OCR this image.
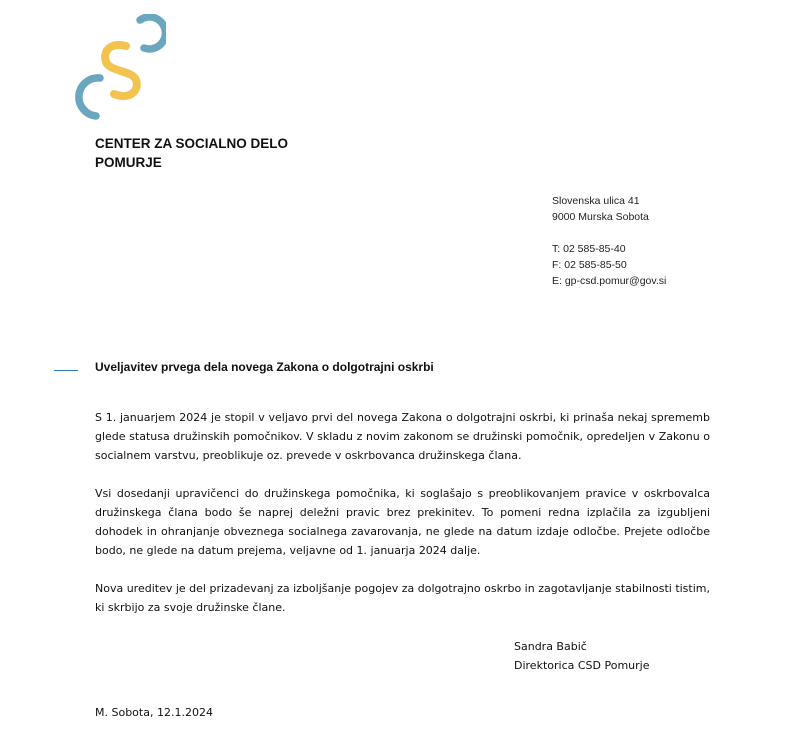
CENTER ZA SOCIALNO DELO
POMURJE
Slovenska ulica 41
9000 Murska Sobota
T: 02 585-85-40
F: 02 585-85-50
E: gp-csd.pomur@gov.si
Uveljavitev prvega dela novega Zakona o dolgotrajni oskrbi

S 1. januarjem 2024 je stopil v veljavo prvi del novega Zakona o dolgotrajni oskrbi, ki prinaša nekaj sprememb glede statusa družinskih pomočnikov. V skladu z novim zakonom se družinski pomočnik, opredeljen v Zakonu o socialnem varstvu, preoblikuje oz. prevede v oskrbovanca družinskega člana.

Vsi dosedanji upravičenci do družinskega pomočnika, ki soglašajo s preoblikovanjem pravice v oskrbovalca družinskega člana bodo še naprej deležni pravic brez prekinitev. To pomeni redna izplačila za izgubljeni dohodek in ohranjanje obveznega socialnega zavarovanja, ne glede na datum izdaje odločbe. Prejete odločbe bodo, ne glede na datum prejema, veljavne od 1. januarja 2024 dalje.

Nova ureditev je del prizadevanj za izboljšanje pogojev za dolgotrajno oskrbo in zagotavljanje stabilnosti tistim, ki skrbijo za svoje družinske člane.

Sandra Babič
Direktorica CSD Pomurje
M. Sobota, 12.1.2024
